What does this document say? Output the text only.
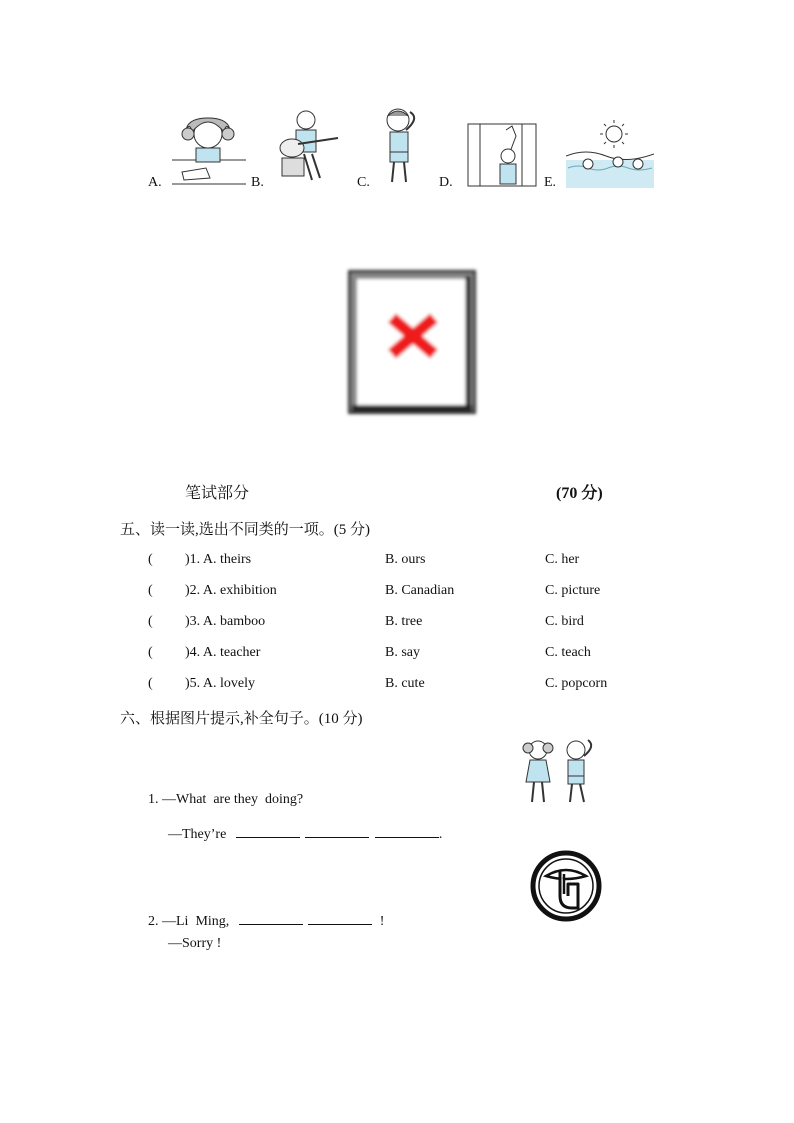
A.	B.	C.	D.	E.
笔试部分	(70 分)
五、读一读,选出不同类的一项。(5 分)
( )1. A. theirs	B. ours	C. her
( )2. A. exhibition	B. Canadian	C. picture
( )3. A. bamboo	B. tree	C. bird
( )4. A. teacher	B. say	C. teach
( )5. A. lovely	B. cute	C. popcorn
六、根据图片提示,补全句子。(10 分)
1. —What  are they  doing?
—They’re	.
2. —Li  Ming,	!
—Sorry !
